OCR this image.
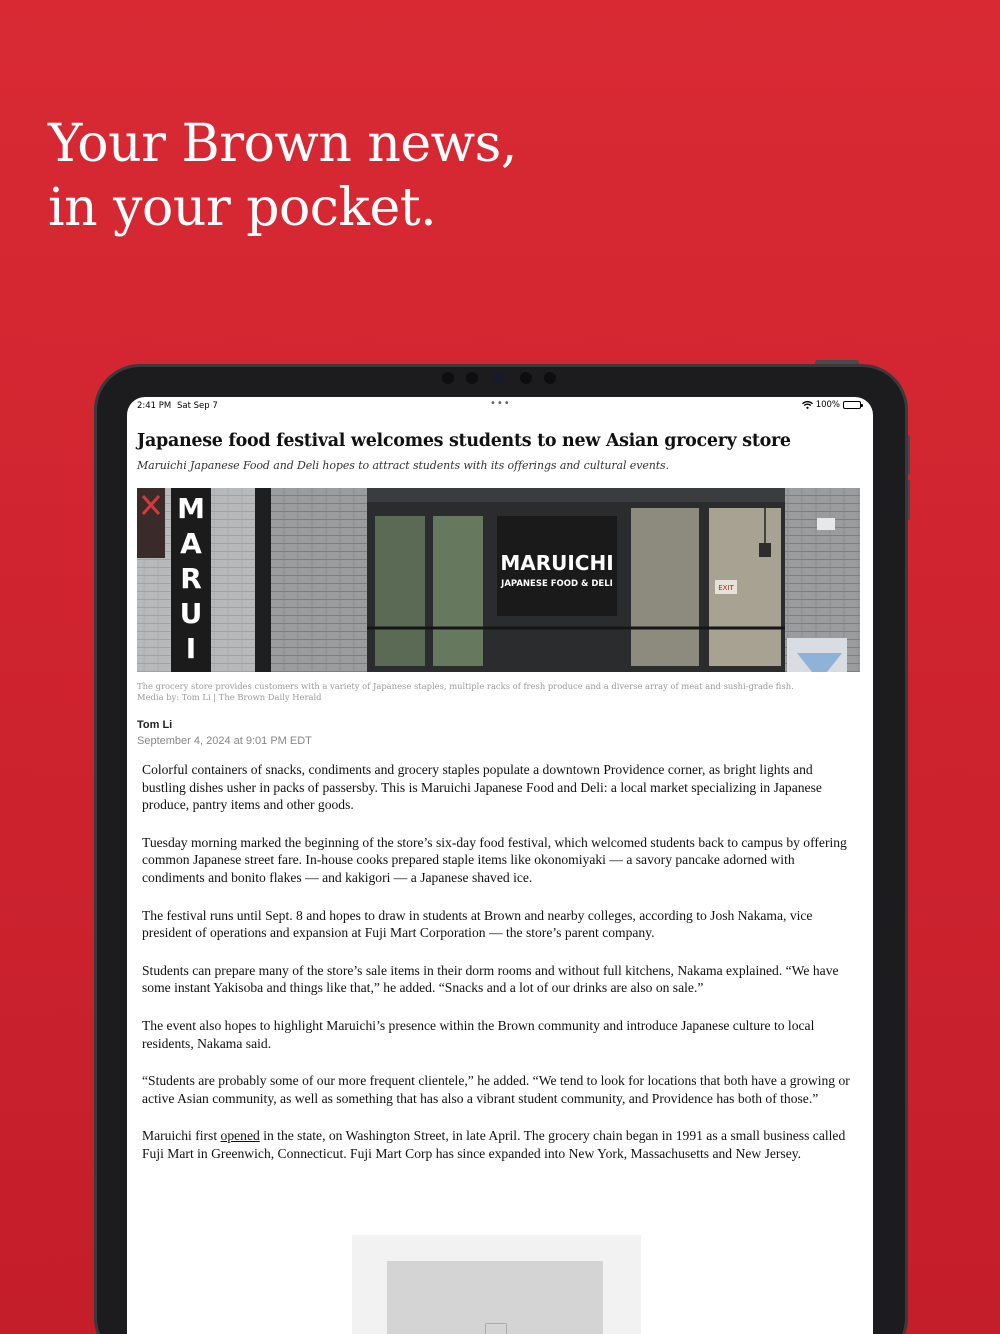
Your Brown news,
in your pocket.
2:41 PM Sat Sep 7	•••	100%
Japanese food festival welcomes students to new Asian grocery store
Maruichi Japanese Food and Deli hopes to attract students with its offerings and cultural events.
M
A
R
U
I
MARUICHI
JAPANESE FOOD & DELI	EXIT
The grocery store provides customers with a variety of Japanese staples, multiple racks of fresh produce and a diverse array of meat and sushi-grade fish.
Media by: Tom Li | The Brown Daily Herald
Tom Li
September 4, 2024 at 9:01 PM EDT

Colorful containers of snacks, condiments and grocery staples populate a downtown Providence corner, as bright lights and bustling dishes usher in packs of passersby. This is Maruichi Japanese Food and Deli: a local market specializing in Japanese produce, pantry items and other goods.

Tuesday morning marked the beginning of the store’s six-day food festival, which welcomed students back to campus by offering common Japanese street fare. In-house cooks prepared staple items like okonomiyaki — a savory pancake adorned with condiments and bonito flakes — and kakigori — a Japanese shaved ice.

The festival runs until Sept. 8 and hopes to draw in students at Brown and nearby colleges, according to Josh Nakama, vice president of operations and expansion at Fuji Mart Corporation — the store’s parent company.

Students can prepare many of the store’s sale items in their dorm rooms and without full kitchens, Nakama explained. “We have some instant Yakisoba and things like that,” he added. “Snacks and a lot of our drinks are also on sale.”

The event also hopes to highlight Maruichi’s presence within the Brown community and introduce Japanese culture to local residents, Nakama said.

“Students are probably some of our more frequent clientele,” he added. “We tend to look for locations that both have a growing or active Asian community, as well as something that has also a vibrant student community, and Providence has both of those.”

Maruichi first opened in the state, on Washington Street, in late April. The grocery chain began in 1991 as a small business called Fuji Mart in Greenwich, Connecticut. Fuji Mart Corp has since expanded into New York, Massachusetts and New Jersey.
